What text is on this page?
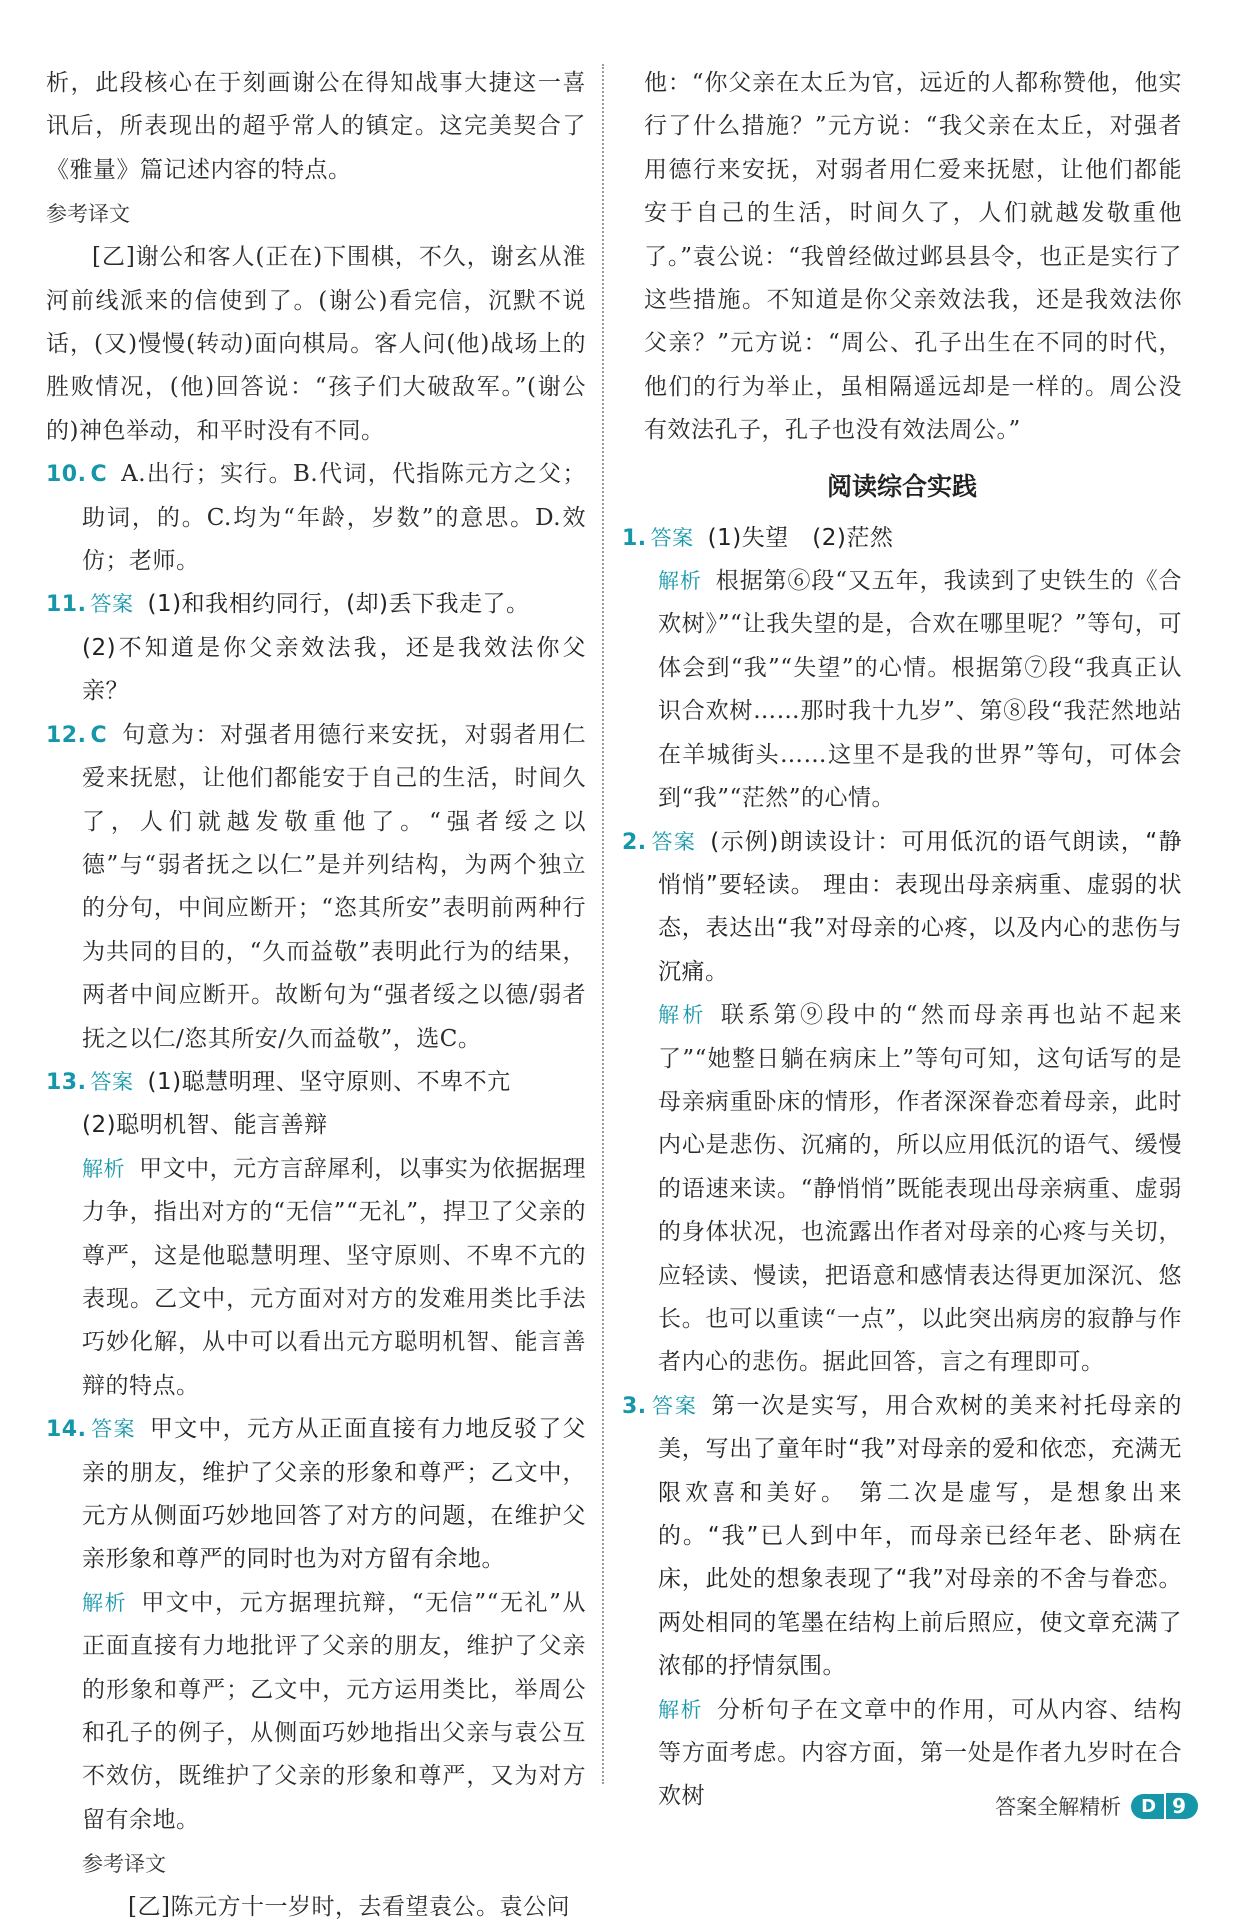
析，此段核心在于刻画谢公在得知战事大捷这一喜讯后，所表现出的超乎常人的镇定。这完美契合了《雅量》篇记述内容的特点。

参考译文

[乙]谢公和客人(正在)下围棋，不久，谢玄从淮河前线派来的信使到了。(谢公)看完信，沉默不说话，(又)慢慢(转动)面向棋局。客人问(他)战场上的胜败情况，(他)回答说：“孩子们大破敌军。”(谢公的)神色举动，和平时没有不同。

10. C A.出行；实行。B.代词，代指陈元方之父；助词，的。C.均为“年龄，岁数”的意思。D.效仿；老师。

11. 答案 (1)和我相约同行，(却)丢下我走了。

(2)不知道是你父亲效法我，还是我效法你父亲？

12. C 句意为：对强者用德行来安抚，对弱者用仁爱来抚慰，让他们都能安于自己的生活，时间久了，人们就越发敬重他了。“强者绥之以德”与“弱者抚之以仁”是并列结构，为两个独立的分句，中间应断开；“恣其所安”表明前两种行为共同的目的，“久而益敬”表明此行为的结果，两者中间应断开。故断句为“强者绥之以德/弱者抚之以仁/恣其所安/久而益敬”，选C。

13. 答案 (1)聪慧明理、坚守原则、不卑不亢

(2)聪明机智、能言善辩

解析 甲文中，元方言辞犀利，以事实为依据据理力争，指出对方的“无信”“无礼”，捍卫了父亲的尊严，这是他聪慧明理、坚守原则、不卑不亢的表现。乙文中，元方面对对方的发难用类比手法巧妙化解，从中可以看出元方聪明机智、能言善辩的特点。

14. 答案 甲文中，元方从正面直接有力地反驳了父亲的朋友，维护了父亲的形象和尊严；乙文中，元方从侧面巧妙地回答了对方的问题，在维护父亲形象和尊严的同时也为对方留有余地。

解析 甲文中，元方据理抗辩，“无信”“无礼”从正面直接有力地批评了父亲的朋友，维护了父亲的形象和尊严；乙文中，元方运用类比，举周公和孔子的例子，从侧面巧妙地指出父亲与袁公互不效仿，既维护了父亲的形象和尊严，又为对方留有余地。

参考译文

[乙]陈元方十一岁时，去看望袁公。袁公问

他：“你父亲在太丘为官，远近的人都称赞他，他实行了什么措施？”元方说：“我父亲在太丘，对强者用德行来安抚，对弱者用仁爱来抚慰，让他们都能安于自己的生活，时间久了，人们就越发敬重他了。”袁公说：“我曾经做过邺县县令，也正是实行了这些措施。不知道是你父亲效法我，还是我效法你父亲？”元方说：“周公、孔子出生在不同的时代，他们的行为举止，虽相隔遥远却是一样的。周公没有效法孔子，孔子也没有效法周公。”

阅读综合实践

1. 答案 (1)失望　(2)茫然

解析 根据第⑥段“又五年，我读到了史铁生的《合欢树》”“让我失望的是，合欢在哪里呢？”等句，可体会到“我”“失望”的心情。根据第⑦段“我真正认识合欢树……那时我十九岁”、第⑧段“我茫然地站在羊城街头……这里不是我的世界”等句，可体会到“我”“茫然”的心情。

2. 答案 (示例)朗读设计：可用低沉的语气朗读，“静悄悄”要轻读。 理由：表现出母亲病重、虚弱的状态，表达出“我”对母亲的心疼，以及内心的悲伤与沉痛。

解析 联系第⑨段中的“然而母亲再也站不起来了”“她整日躺在病床上”等句可知，这句话写的是母亲病重卧床的情形，作者深深眷恋着母亲，此时内心是悲伤、沉痛的，所以应用低沉的语气、缓慢的语速来读。“静悄悄”既能表现出母亲病重、虚弱的身体状况，也流露出作者对母亲的心疼与关切，应轻读、慢读，把语意和感情表达得更加深沉、悠长。也可以重读“一点”，以此突出病房的寂静与作者内心的悲伤。据此回答，言之有理即可。

3. 答案 第一次是实写，用合欢树的美来衬托母亲的美，写出了童年时“我”对母亲的爱和依恋，充满无限欢喜和美好。 第二次是虚写，是想象出来的。“我”已人到中年，而母亲已经年老、卧病在床，此处的想象表现了“我”对母亲的不舍与眷恋。 两处相同的笔墨在结构上前后照应，使文章充满了浓郁的抒情氛围。

解析 分析句子在文章中的作用，可从内容、结构等方面考虑。内容方面，第一处是作者九岁时在合欢树	答案全解精析	D 9
